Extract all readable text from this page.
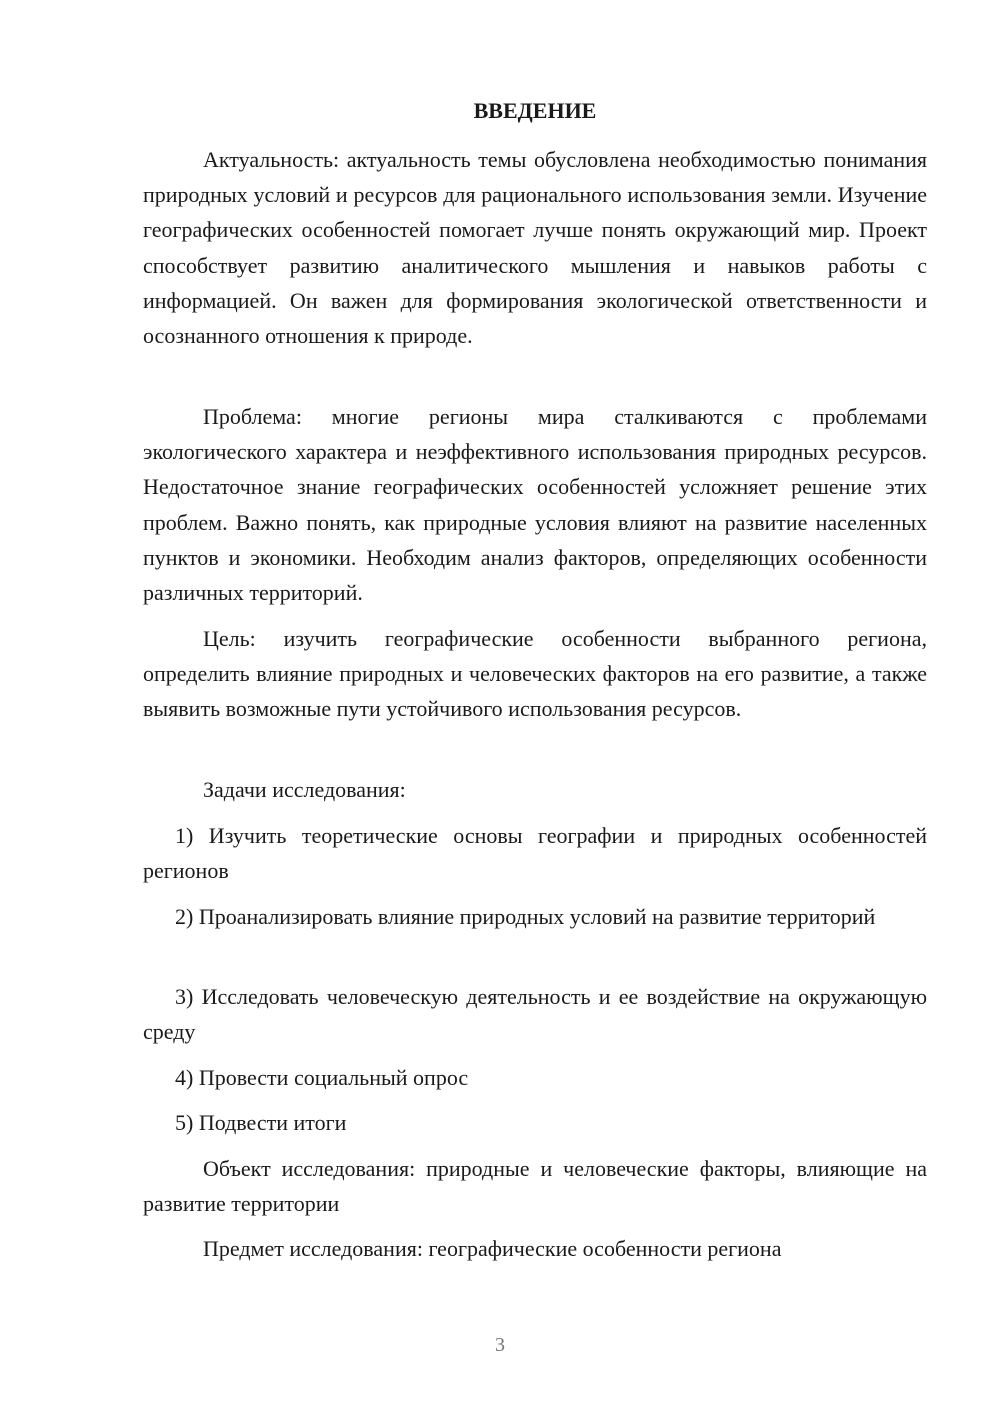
ВВЕДЕНИЕ
Актуальность: актуальность темы обусловлена необходимостью понимания природных условий и ресурсов для рационального использования земли. Изучение географических особенностей помогает лучше понять окружающий мир. Проект способствует развитию аналитического мышления и навыков работы с информацией. Он важен для формирования экологической ответственности и осознанного отношения к природе.
Проблема: многие регионы мира сталкиваются с проблемами экологического характера и неэффективного использования природных ресурсов. Недостаточное знание географических особенностей усложняет решение этих проблем. Важно понять, как природные условия влияют на развитие населенных пунктов и экономики. Необходим анализ факторов, определяющих особенности различных территорий.
Цель: изучить географические особенности выбранного региона, определить влияние природных и человеческих факторов на его развитие, а также выявить возможные пути устойчивого использования ресурсов.
Задачи исследования:
1) Изучить теоретические основы географии и природных особенностей регионов
2) Проанализировать влияние природных условий на развитие территорий
3) Исследовать человеческую деятельность и ее воздействие на окружающую среду
4) Провести социальный опрос
5) Подвести итоги
Объект исследования: природные и человеческие факторы, влияющие на развитие территории
Предмет исследования: географические особенности региона
3
